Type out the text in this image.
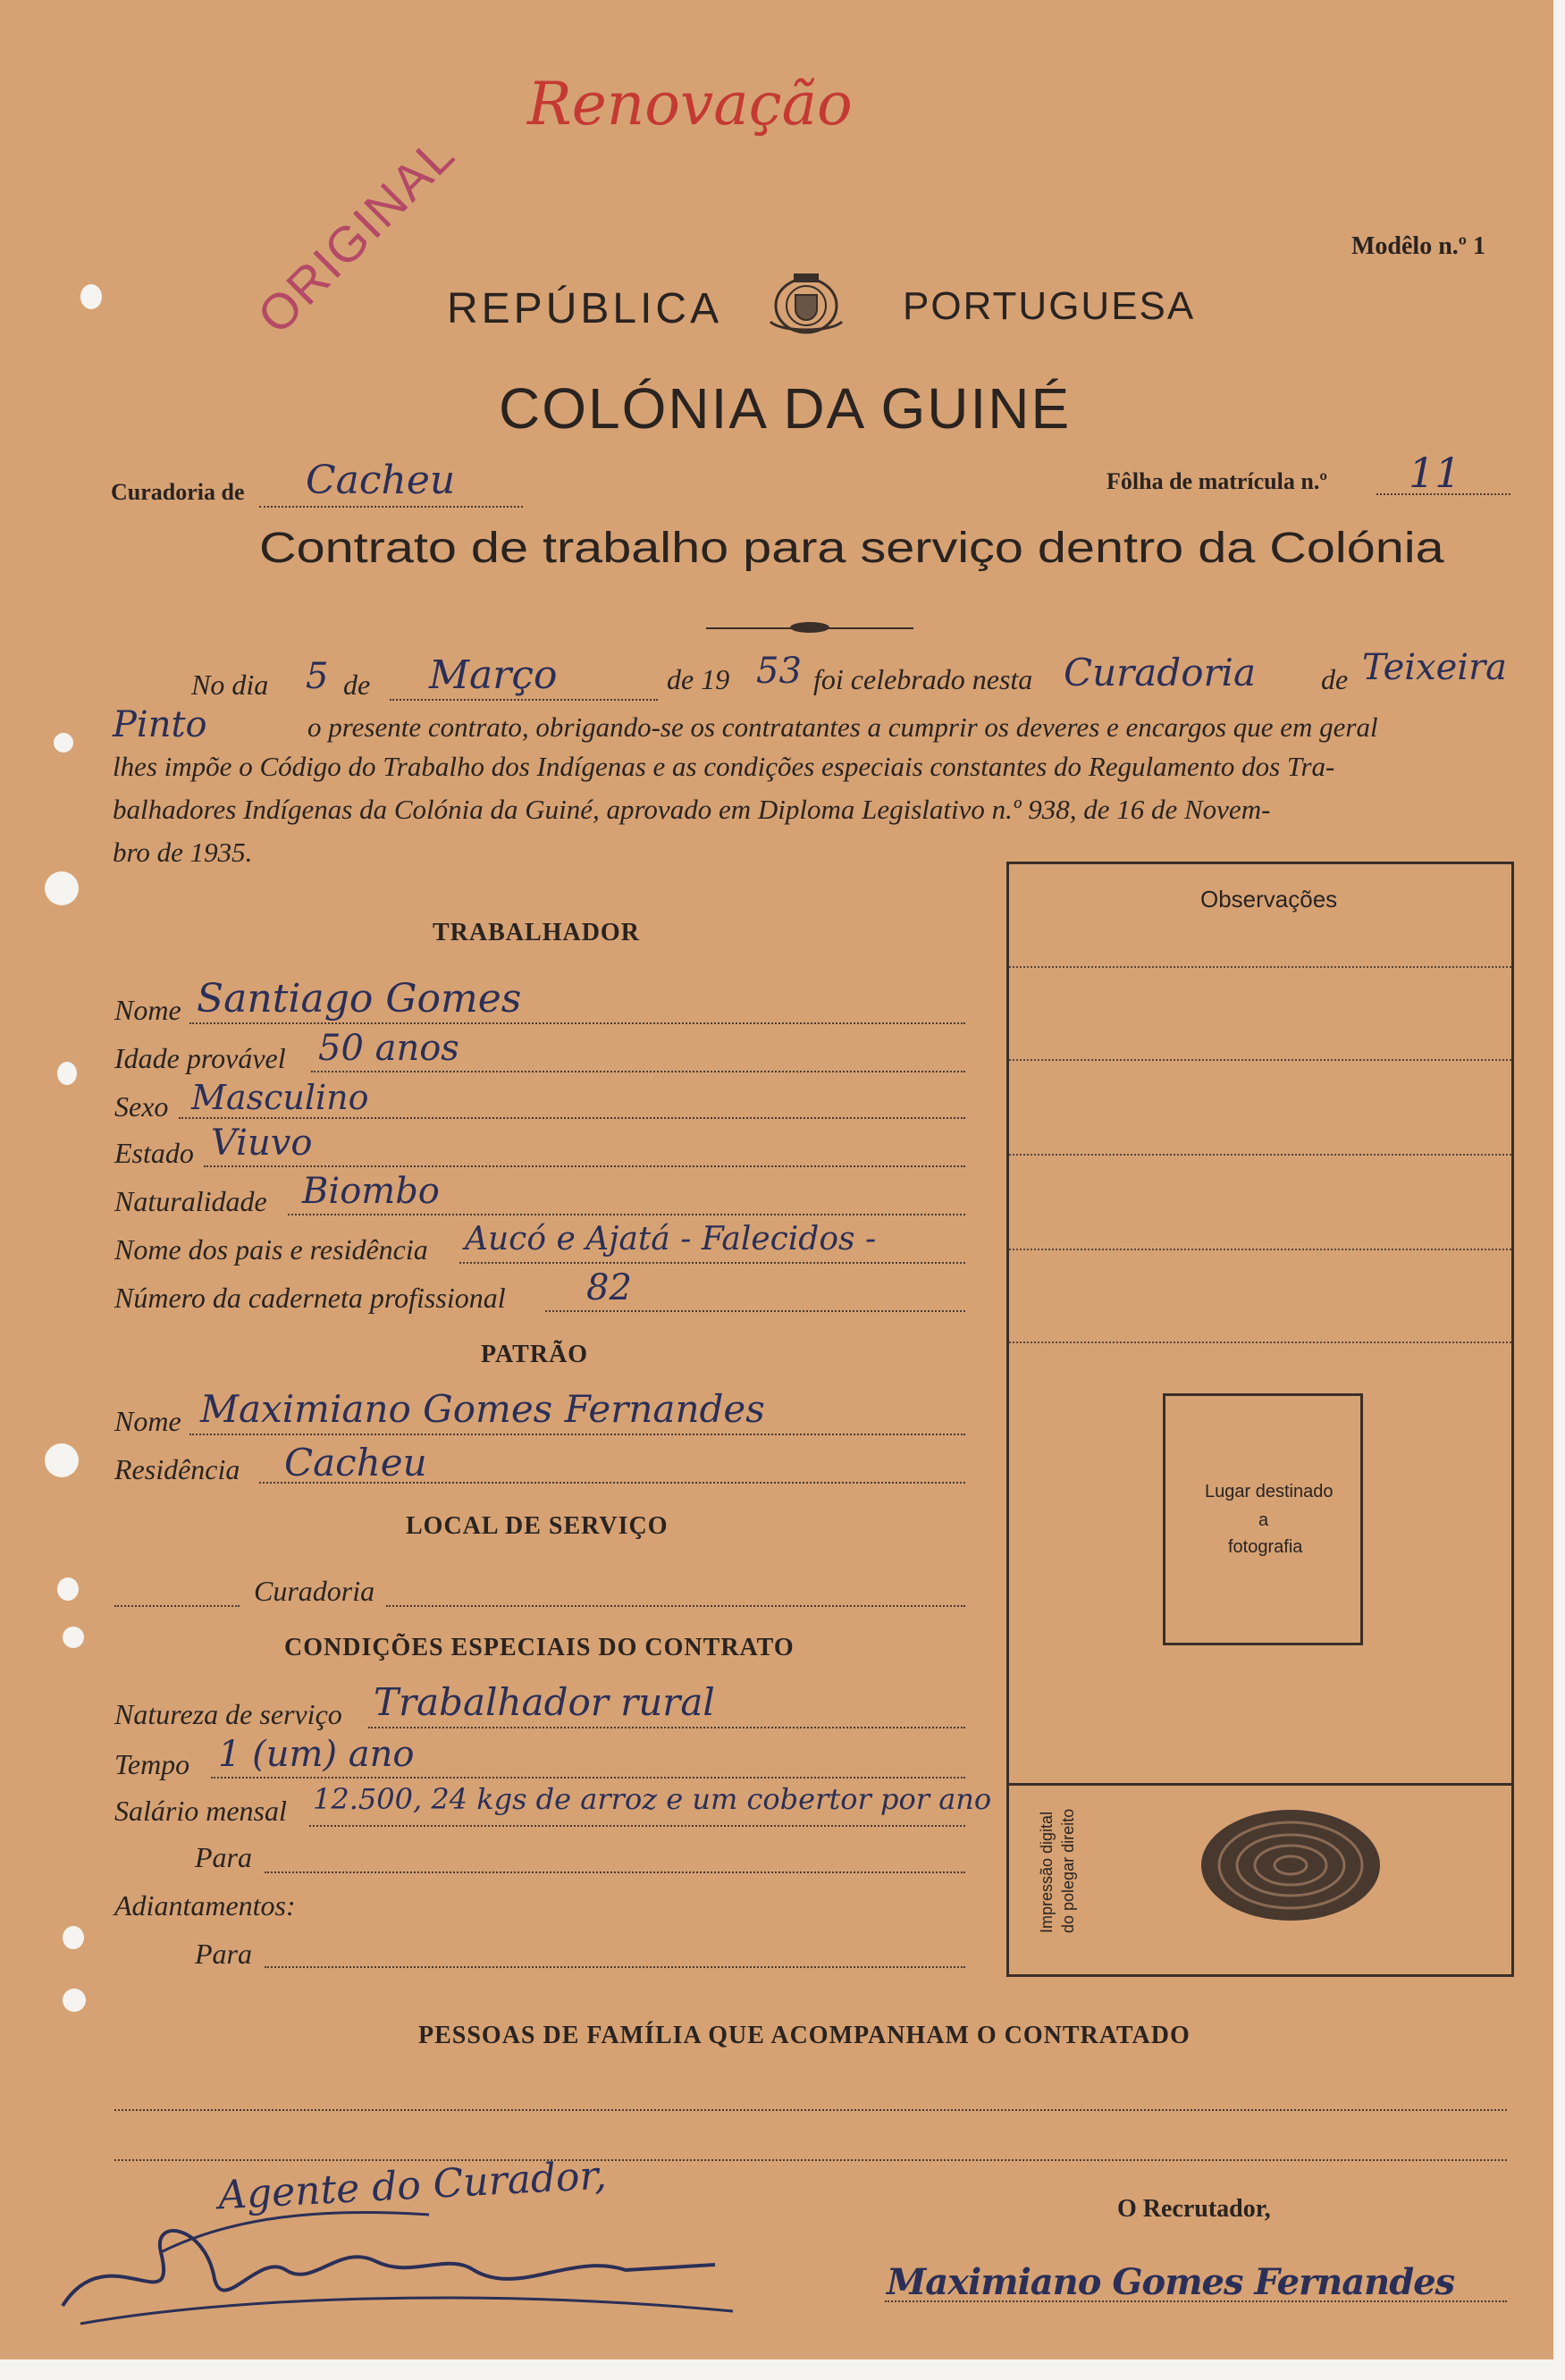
Renovação
ORIGINAL	Modêlo n.º 1
REPÚBLICA	PORTUGUESA
COLÓNIA DA GUINÉ
Curadoria de Cacheu	Fôlha de matrícula n.º 11
Contrato de trabalho para serviço dentro da Colónia
No dia 5 de Março	de 19 53 foi celebrado nesta Curadoria de Teixeira
Pinto	o presente contrato, obrigando-se os contratantes a cumprir os deveres e encargos que em geral
lhes impõe o Código do Trabalho dos Indígenas e as condições especiais constantes do Regulamento dos Tra-
balhadores Indígenas da Colónia da Guiné, aprovado em Diploma Legislativo n.º 938, de 16 de Novem-
bro de 1935.
Observações
Lugar destinado
a
fotografia
Impressão digital do polegar direito
TRABALHADOR
Nome Santiago Gomes
Idade provável 50 anos
Sexo Masculino
Estado Viuvo
Naturalidade Biombo
Nome dos pais e residência Aucó e Ajatá - Falecidos -
Número da caderneta profissional 82
PATRÃO
Nome Maximiano Gomes Fernandes
Residência Cacheu
LOCAL DE SERVIÇO
Curadoria
CONDIÇÕES ESPECIAIS DO CONTRATO
Natureza de serviço Trabalhador rural
Tempo 1 (um) ano
Salário mensal 12.500, 24 kgs de arroz e um cobertor por ano
Para
Adiantamentos:
Para
PESSOAS DE FAMÍLIA QUE ACOMPANHAM O CONTRATADO
Agente do Curador,	O Recrutador,
Maximiano Gomes Fernandes
